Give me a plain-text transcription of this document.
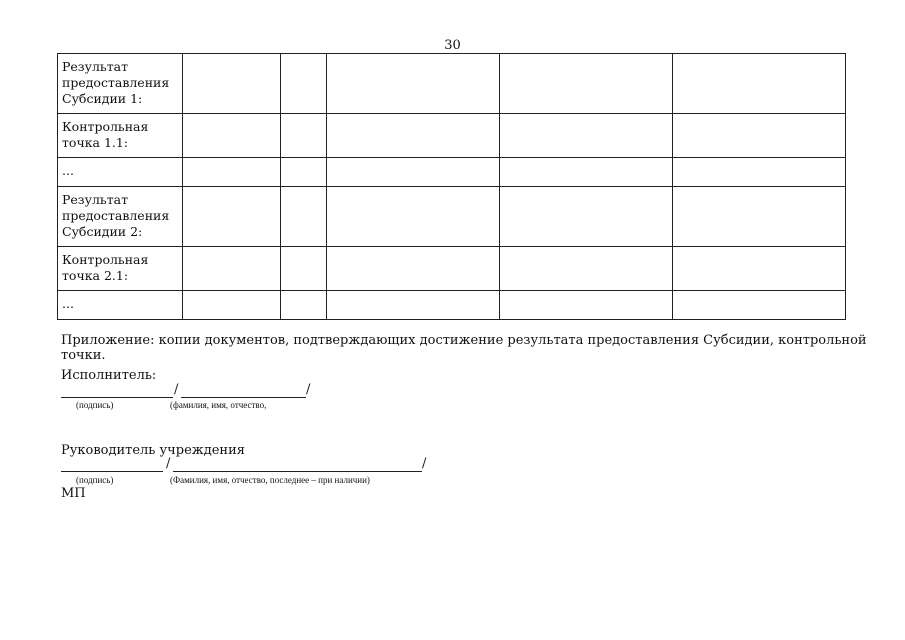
30
Результат предоставления Субсидии 1:					
Контрольная точка 1.1:					
...					
Результат предоставления Субсидии 2:					
Контрольная точка 2.1:					
...					
Приложение: копии документов, подтверждающих достижение результата предоставления Субсидии, контрольной точки.
Исполнитель:
/	/
(подпись)	(фамилия, имя, отчество,
Руководитель учреждения
/	/
(подпись)	(Фамилия, имя, отчество, последнее – при наличии)
МП
